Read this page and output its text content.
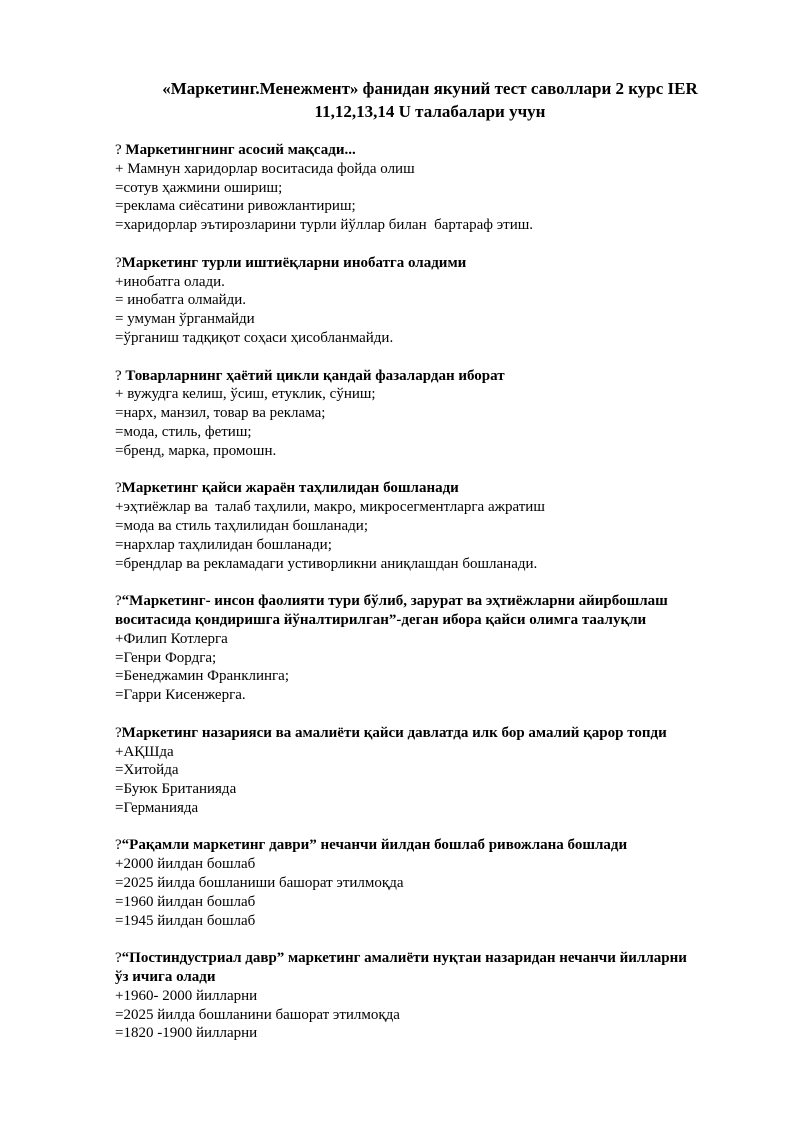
«Маркетинг.Менежмент» фанидан якуний тест саволлари 2 курс IER
11,12,13,14 U талабалари учун
? Маркетингнинг асосий мақсади...
+ Мамнун харидорлар воситасида фойда олиш
=сотув ҳажмини ошириш;
=реклама сиёсатини ривожлантириш;
=харидорлар эътирозларини турли йўллар билан  бартараф этиш.
?Маркетинг турли иштиёқларни инобатга оладими
+инобатга олади.
= инобатга олмайди.
= умуман ўрганмайди
=ўрганиш тадқиқот соҳаси ҳисобланмайди.
? Товарларнинг ҳаётий цикли қандай фазалардан иборат
+ вужудга келиш, ўсиш, етуклик, сўниш;
=нарх, манзил, товар ва реклама;
=мода, стиль, фетиш;
=бренд, марка, промошн.
?Маркетинг қайси жараён таҳлилидан бошланади
+эҳтиёжлар ва  талаб таҳлили, макро, микросегментларга ажратиш
=мода ва стиль таҳлилидан бошланади;
=нархлар таҳлилидан бошланади;
=брендлар ва рекламадаги устиворликни аниқлашдан бошланади.
?“Маркетинг- инсон фаолияти тури бўлиб, зарурат ва эҳтиёжларни айирбошлаш
воситасида қондиришга йўналтирилган”-деган ибора қайси олимга таалуқли
+Филип Котлерга
=Генри Фордга;
=Бенеджамин Франклинга;
=Гарри Кисенжерга.
?Маркетинг назарияси ва амалиёти қайси давлатда илк бор амалий қарор топди
+АҚШда
=Хитойда
=Буюк Британияда
=Германияда
?“Рақамли маркетинг даври” нечанчи йилдан бошлаб ривожлана бошлади
+2000 йилдан бошлаб
=2025 йилда бошланиши башорат этилмоқда
=1960 йилдан бошлаб
=1945 йилдан бошлаб
?“Постиндустриал давр” маркетинг амалиёти нуқтаи назаридан нечанчи йилларни
ўз ичига олади
+1960- 2000 йилларни
=2025 йилда бошланини башорат этилмоқда
=1820 -1900 йилларни
